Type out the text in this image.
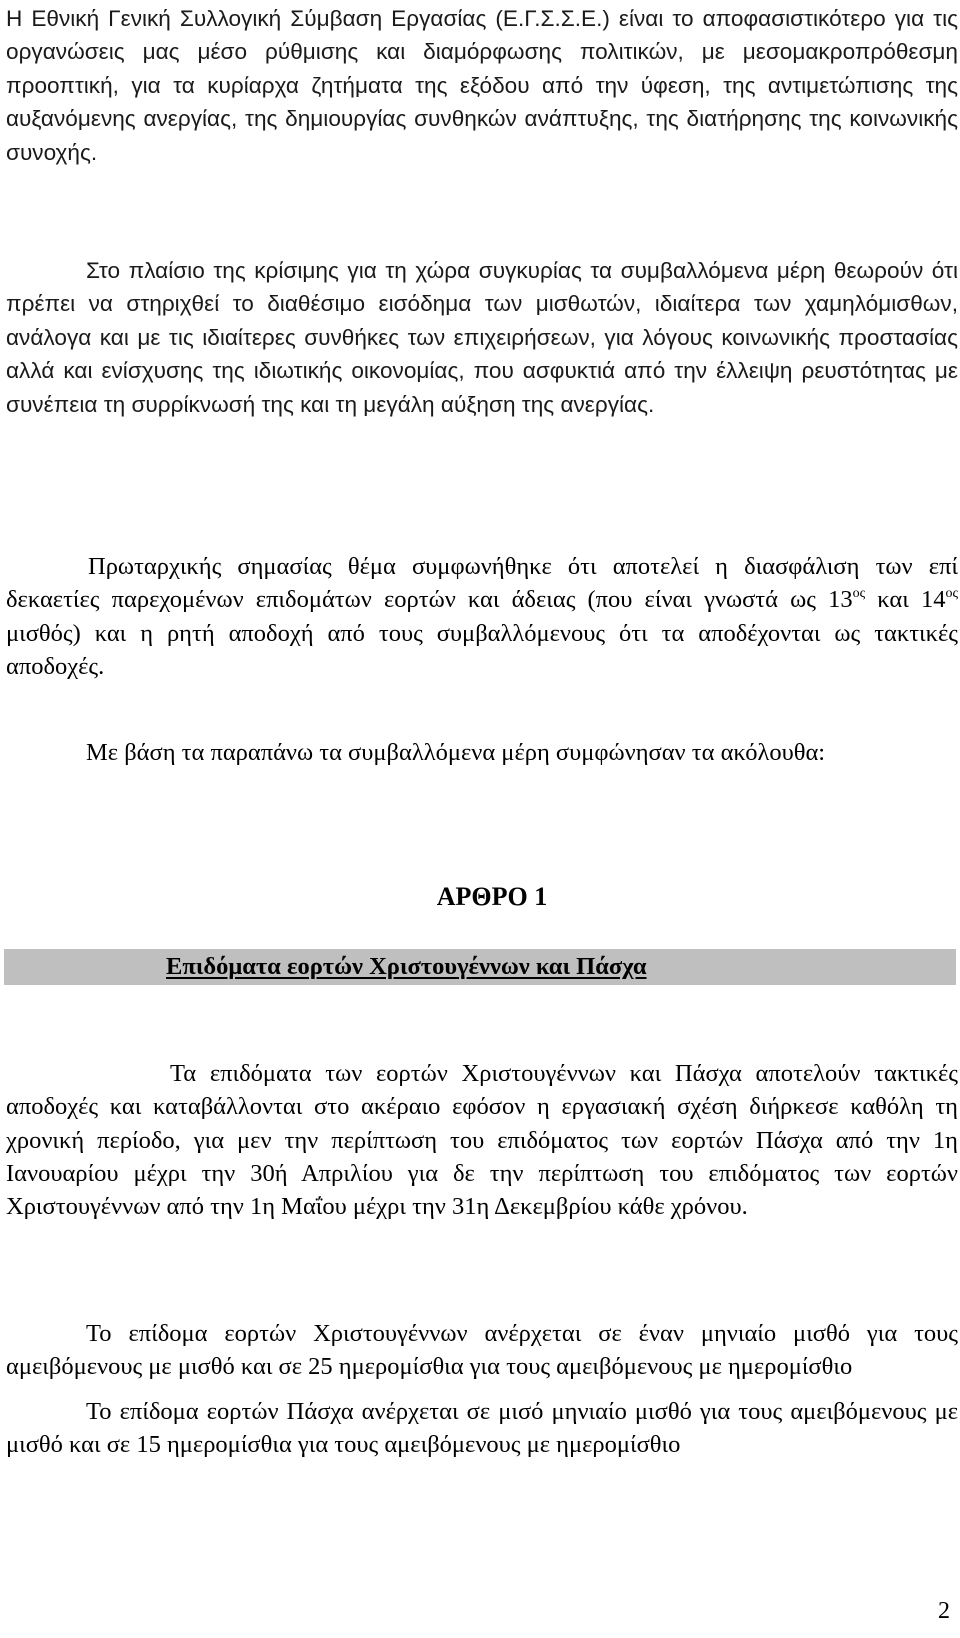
Η Εθνική Γενική Συλλογική Σύμβαση Εργασίας (Ε.Γ.Σ.Σ.Ε.) είναι το αποφασιστικότερο για τις οργανώσεις μας μέσο ρύθμισης και διαμόρφωσης πολιτικών, με μεσομακροπρόθεσμη προοπτική, για τα κυρίαρχα ζητήματα της εξόδου από την ύφεση, της αντιμετώπισης της αυξανόμενης ανεργίας, της δημιουργίας συνθηκών ανάπτυξης, της διατήρησης της κοινωνικής συνοχής.

Στο πλαίσιο της κρίσιμης για τη χώρα συγκυρίας τα συμβαλλόμενα μέρη θεωρούν ότι πρέπει να στηριχθεί το διαθέσιμο εισόδημα των μισθωτών, ιδιαίτερα των χαμηλόμισθων, ανάλογα και με τις ιδιαίτερες συνθήκες των επιχειρήσεων, για λόγους κοινωνικής προστασίας αλλά και ενίσχυσης της ιδιωτικής οικονομίας, που ασφυκτιά από την έλλειψη ρευστότητας με συνέπεια τη συρρίκνωσή της και τη μεγάλη αύξηση της ανεργίας.

Πρωταρχικής σημασίας θέμα συμφωνήθηκε ότι αποτελεί η διασφάλιση των επί δεκαετίες παρεχομένων επιδομάτων εορτών και άδειας (που είναι γνωστά ως $13^{o\varsigma}$ και $14^{o\varsigma}$ μισθός) και η ρητή αποδοχή από τους συμβαλλόμενους ότι τα αποδέχονται ως τακτικές αποδοχές.

Με βάση τα παραπάνω τα συμβαλλόμενα μέρη συμφώνησαν τα ακόλουθα:

ΑΡΘΡΟ 1
Επιδόματα εορτών Χριστουγέννων και Πάσχα

Τα επιδόματα των εορτών Χριστουγέννων και Πάσχα αποτελούν τακτικές αποδοχές και καταβάλλονται στο ακέραιο εφόσον η εργασιακή σχέση διήρκεσε καθόλη τη χρονική περίοδο, για μεν την περίπτωση του επιδόματος των εορτών Πάσχα από την 1η Ιανουαρίου μέχρι την 30ή Απριλίου για δε την περίπτωση του επιδόματος των εορτών Χριστουγέννων από την 1η Μαΐου μέχρι την 31η Δεκεμβρίου κάθε χρόνου.

Το επίδομα εορτών Χριστουγέννων ανέρχεται σε έναν μηνιαίο μισθό για τους αμειβόμενους με μισθό και σε 25 ημερομίσθια για τους αμειβόμενους με ημερομίσθιο

Το επίδομα εορτών Πάσχα ανέρχεται σε μισό μηνιαίο μισθό για τους αμειβόμενους με μισθό και σε 15 ημερομίσθια για τους αμειβόμενους με ημερομίσθιο

2
